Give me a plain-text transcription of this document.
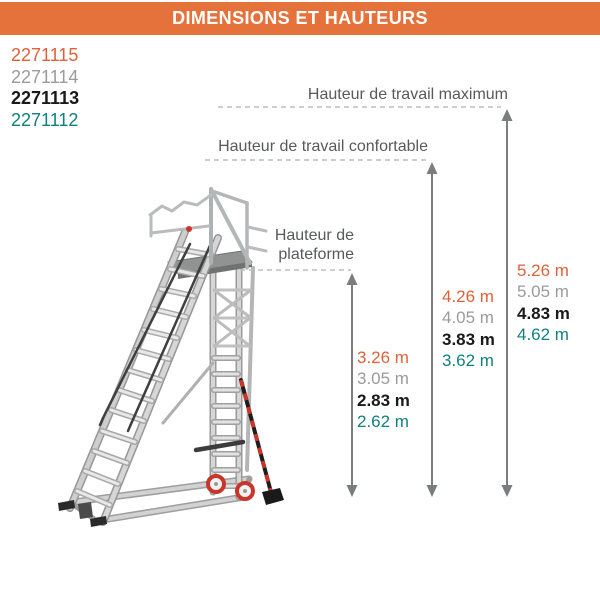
DIMENSIONS ET HAUTEURS
2271115
2271114
2271113
2271112
Hauteur de travail maximum
Hauteur de travail confortable
Hauteur de
plateforme
3.26 m
3.05 m
2.83 m
2.62 m
4.26 m
4.05 m
3.83 m
3.62 m
5.26 m
5.05 m
4.83 m
4.62 m
